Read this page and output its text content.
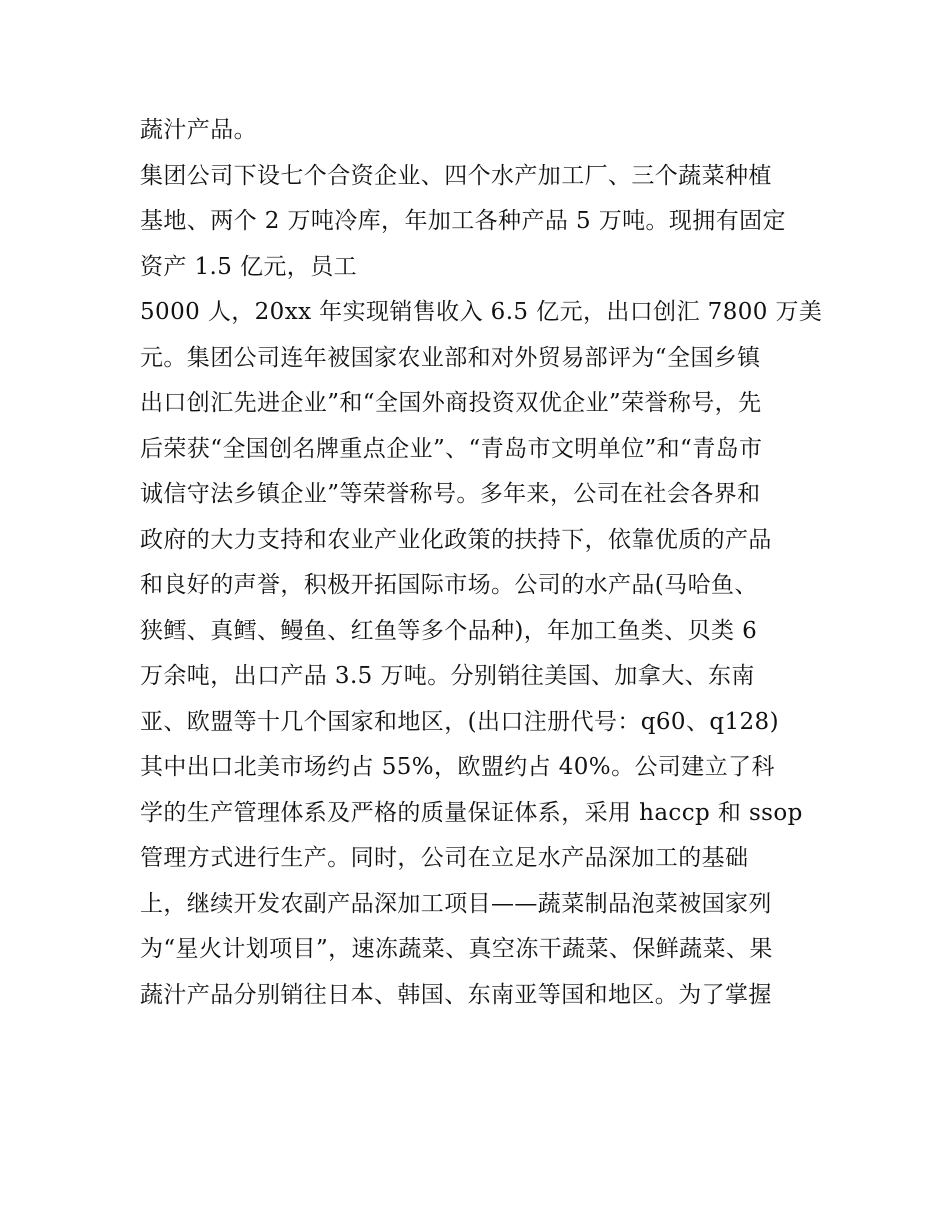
蔬汁产品。
集团公司下设七个合资企业、四个水产加工厂、三个蔬菜种植
基地、两个 2 万吨冷库，年加工各种产品 5 万吨。现拥有固定
资产 1.5 亿元，员工
5000 人，20xx 年实现销售收入 6.5 亿元，出口创汇 7800 万美
元。集团公司连年被国家农业部和对外贸易部评为“全国乡镇
出口创汇先进企业”和“全国外商投资双优企业”荣誉称号，先
后荣获“全国创名牌重点企业”、“青岛市文明单位”和“青岛市
诚信守法乡镇企业”等荣誉称号。多年来，公司在社会各界和
政府的大力支持和农业产业化政策的扶持下，依靠优质的产品
和良好的声誉，积极开拓国际市场。公司的水产品(马哈鱼、
狭鳕、真鳕、鳗鱼、红鱼等多个品种)，年加工鱼类、贝类 6
万余吨，出口产品 3.5 万吨。分别销往美国、加拿大、东南
亚、欧盟等十几个国家和地区，(出口注册代号：q60、q128)
其中出口北美市场约占 55%，欧盟约占 40%。公司建立了科
学的生产管理体系及严格的质量保证体系，采用 haccp 和 ssop
管理方式进行生产。同时，公司在立足水产品深加工的基础
上，继续开发农副产品深加工项目——蔬菜制品泡菜被国家列
为“星火计划项目”，速冻蔬菜、真空冻干蔬菜、保鲜蔬菜、果
蔬汁产品分别销往日本、韩国、东南亚等国和地区。为了掌握
